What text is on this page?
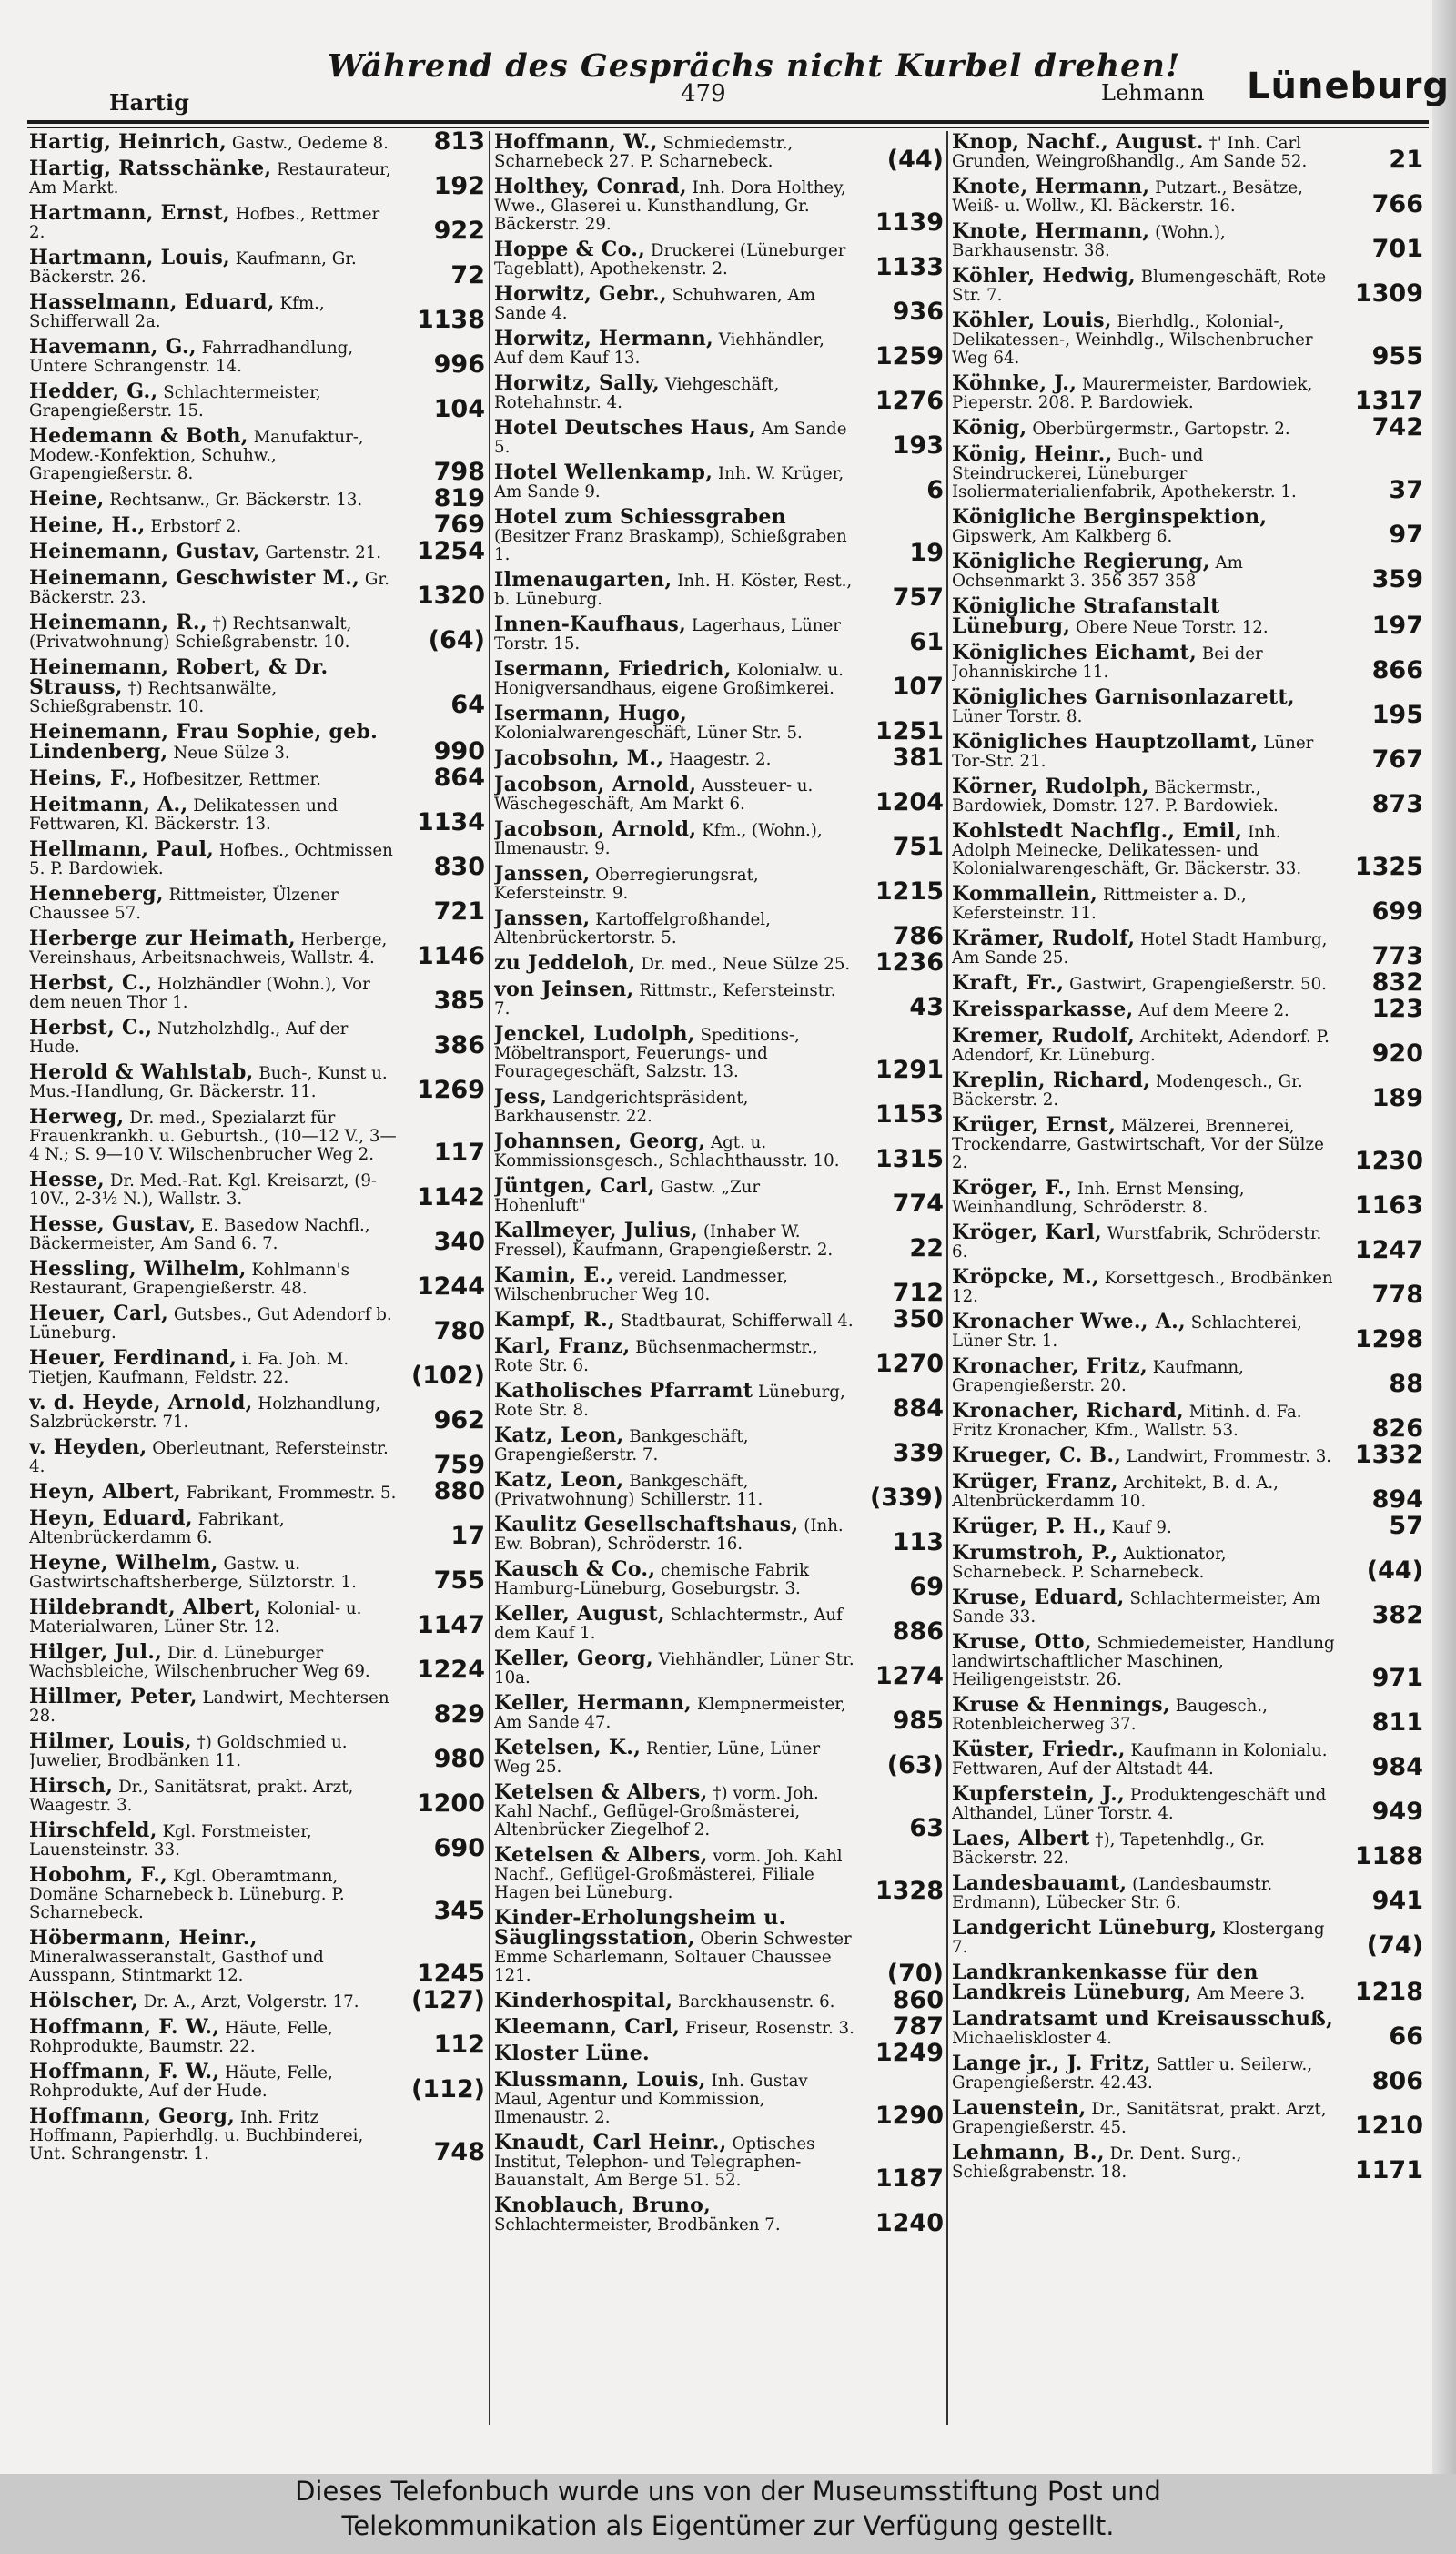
Während des Gesprächs nicht Kurbel drehen!
Hartig	479	Lehmann Lüneburg
Hartig, Heinrich, Gastw., Oedeme 8. 813
Hartig, Ratsschänke, Restaurateur, Am Markt.	192
Hartmann, Ernst, Hofbes., Rettmer 2.	922
Hartmann, Louis, Kaufmann, Gr. Bäckerstr. 26.	72
Hasselmann, Eduard, Kfm., Schifferwall 2a.	1138
Havemann, G., Fahrradhandlung, Untere Schrangenstr. 14.	996
Hedder, G., Schlachtermeister, Grapengießerstr. 15.	104
Hedemann & Both, Manufaktur-, Modew.-Konfektion, Schuhw., Grapengießerstr. 8.	798
Heine, Rechtsanw., Gr. Bäckerstr. 13.	819
Heine, H., Erbstorf 2.	769
Heinemann, Gustav, Gartenstr. 21. 1254
Heinemann, Geschwister M., Gr. Bäckerstr. 23.	1320
Heinemann, R., †) Rechtsanwalt, (Privatwohnung) Schießgrabenstr. 10.	(64)
Heinemann, Robert, & Dr. Strauss, †) Rechtsanwälte, Schießgrabenstr. 10.	64
Heinemann, Frau Sophie, geb. Lindenberg, Neue Sülze 3.	990
Heins, F., Hofbesitzer, Rettmer.	864
Heitmann, A., Delikatessen und Fettwaren, Kl. Bäckerstr. 13.	1134
Hellmann, Paul, Hofbes., Ochtmissen 5. P. Bardowiek.	830
Henneberg, Rittmeister, Ülzener Chaussee 57.	721
Herberge zur Heimath, Herberge, Vereinshaus, Arbeitsnachweis, Wallstr. 4. 1146
Herbst, C., Holzhändler (Wohn.), Vor dem neuen Thor 1.	385
Herbst, C., Nutzholzhdlg., Auf der Hude.	386
Herold & Wahlstab, Buch-, Kunst u. Mus.-Handlung, Gr. Bäckerstr. 11.	1269
Herweg, Dr. med., Spezialarzt für Frauenkrankh. u. Geburtsh., (10—12 V., 3—4 N.; S. 9—10 V. Wilschenbrucher Weg 2. 117
Hesse, Dr. Med.-Rat. Kgl. Kreisarzt, (9-10V., 2-3½ N.), Wallstr. 3.	1142
Hesse, Gustav, E. Basedow Nachfl., Bäckermeister, Am Sand 6. 7.	340
Hessling, Wilhelm, Kohlmann's Restaurant, Grapengießerstr. 48.	1244
Heuer, Carl, Gutsbes., Gut Adendorf b. Lüneburg.	780
Heuer, Ferdinand, i. Fa. Joh. M. Tietjen, Kaufmann, Feldstr. 22.	(102)
v. d. Heyde, Arnold, Holzhandlung, Salzbrückerstr. 71.	962
v. Heyden, Oberleutnant, Refersteinstr. 4.	759
Heyn, Albert, Fabrikant, Frommestr. 5. 880
Heyn, Eduard, Fabrikant, Altenbrückerdamm 6.	17
Heyne, Wilhelm, Gastw. u. Gastwirtschaftsherberge, Sülztorstr. 1.	755
Hildebrandt, Albert, Kolonial- u. Materialwaren, Lüner Str. 12.	1147
Hilger, Jul., Dir. d. Lüneburger Wachsbleiche, Wilschenbrucher Weg 69. 1224
Hillmer, Peter, Landwirt, Mechtersen 28.	829
Hilmer, Louis, †) Goldschmied u. Juwelier, Brodbänken 11.	980
Hirsch, Dr., Sanitätsrat, prakt. Arzt, Waagestr. 3.	1200
Hirschfeld, Kgl. Forstmeister, Lauensteinstr. 33.	690
Hobohm, F., Kgl. Oberamtmann, Domäne Scharnebeck b. Lüneburg. P. Scharnebeck.	345
Höbermann, Heinr., Mineralwasseranstalt, Gasthof und Ausspann, Stintmarkt 12.	1245
Hölscher, Dr. A., Arzt, Volgerstr. 17. (127)
Hoffmann, F. W., Häute, Felle, Rohprodukte, Baumstr. 22.	112
Hoffmann, F. W., Häute, Felle, Rohprodukte, Auf der Hude.	(112)
Hoffmann, Georg, Inh. Fritz Hoffmann, Papierhdlg. u. Buchbinderei, Unt. Schrangenstr. 1.	748
Hoffmann, W., Schmiedemstr., Scharnebeck 27. P. Scharnebeck.	(44)
Holthey, Conrad, Inh. Dora Holthey, Wwe., Glaserei u. Kunsthandlung, Gr. Bäckerstr. 29.	1139
Hoppe & Co., Druckerei (Lüneburger Tageblatt), Apothekenstr. 2.	1133
Horwitz, Gebr., Schuhwaren, Am Sande 4.	936
Horwitz, Hermann, Viehhändler, Auf dem Kauf 13.	1259
Horwitz, Sally, Viehgeschäft, Rotehahnstr. 4.	1276
Hotel Deutsches Haus, Am Sande 5.	193
Hotel Wellenkamp, Inh. W. Krüger, Am Sande 9.	6
Hotel zum Schiessgraben (Besitzer Franz Braskamp), Schießgraben 1.	19
Ilmenaugarten, Inh. H. Köster, Rest., b. Lüneburg.	757
Innen-Kaufhaus, Lagerhaus, Lüner Torstr. 15.	61
Isermann, Friedrich, Kolonialw. u. Honigversandhaus, eigene Großimkerei. 107
Isermann, Hugo, Kolonialwarengeschäft, Lüner Str. 5.	1251
Jacobsohn, M., Haagestr. 2.	381
Jacobson, Arnold, Aussteuer- u. Wäschegeschäft, Am Markt 6.	1204
Jacobson, Arnold, Kfm., (Wohn.), Ilmenaustr. 9.	751
Janssen, Oberregierungsrat, Kefersteinstr. 9.	1215
Janssen, Kartoffelgroßhandel, Altenbrückertorstr. 5.	786
zu Jeddeloh, Dr. med., Neue Sülze 25. 1236
von Jeinsen, Rittmstr., Kefersteinstr. 7.	43
Jenckel, Ludolph, Speditions-, Möbeltransport, Feuerungs- und Fouragegeschäft, Salzstr. 13.	1291
Jess, Landgerichtspräsident, Barkhausenstr. 22.	1153
Johannsen, Georg, Agt. u. Kommissionsgesch., Schlachthausstr. 10. 1315
Jüntgen, Carl, Gastw. „Zur Hohenluft"	774
Kallmeyer, Julius, (Inhaber W. Fressel), Kaufmann, Grapengießerstr. 2.	22
Kamin, E., vereid. Landmesser, Wilschenbrucher Weg 10.	712
Kampf, R., Stadtbaurat, Schifferwall 4. 350
Karl, Franz, Büchsenmachermstr., Rote Str. 6.	1270
Katholisches Pfarramt Lüneburg, Rote Str. 8.	884
Katz, Leon, Bankgeschäft, Grapengießerstr. 7.	339
Katz, Leon, Bankgeschäft, (Privatwohnung) Schillerstr. 11.	(339)
Kaulitz Gesellschaftshaus, (Inh. Ew. Bobran), Schröderstr. 16.	113
Kausch & Co., chemische Fabrik Hamburg-Lüneburg, Goseburgstr. 3.	69
Keller, August, Schlachtermstr., Auf dem Kauf 1.	886
Keller, Georg, Viehhändler, Lüner Str. 10a.	1274
Keller, Hermann, Klempnermeister, Am Sande 47.	985
Ketelsen, K., Rentier, Lüne, Lüner Weg 25.	(63)
Ketelsen & Albers, †) vorm. Joh. Kahl Nachf., Geflügel-Großmästerei, Altenbrücker Ziegelhof 2.	63
Ketelsen & Albers, vorm. Joh. Kahl Nachf., Geflügel-Großmästerei, Filiale Hagen bei Lüneburg.	1328
Kinder-Erholungsheim u. Säuglingsstation, Oberin Schwester Emme Scharlemann, Soltauer Chaussee 121.	(70)
Kinderhospital, Barckhausenstr. 6. 860
Kleemann, Carl, Friseur, Rosenstr. 3. 787
Kloster Lüne.	1249
Klussmann, Louis, Inh. Gustav Maul, Agentur und Kommission, Ilmenaustr. 2.	1290
Knaudt, Carl Heinr., Optisches Institut, Telephon- und Telegraphen-Bauanstalt, Am Berge 51. 52.	1187
Knoblauch, Bruno, Schlachtermeister, Brodbänken 7.	1240
Knop, Nachf., August. †' Inh. Carl Grunden, Weingroßhandlg., Am Sande 52.	21
Knote, Hermann, Putzart., Besätze, Weiß- u. Wollw., Kl. Bäckerstr. 16.	766
Knote, Hermann, (Wohn.), Barkhausenstr. 38.	701
Köhler, Hedwig, Blumengeschäft, Rote Str. 7.	1309
Köhler, Louis, Bierhdlg., Kolonial-, Delikatessen-, Weinhdlg., Wilschenbrucher Weg 64.	955
Köhnke, J., Maurermeister, Bardowiek, Pieperstr. 208. P. Bardowiek.	1317
König, Oberbürgermstr., Gartopstr. 2.	742
König, Heinr., Buch- und Steindruckerei, Lüneburger Isoliermaterialienfabrik, Apothekerstr. 1.	37
Königliche Berginspektion, Gipswerk, Am Kalkberg 6.	97
Königliche Regierung, Am Ochsenmarkt 3. 356 357 358	359
Königliche Strafanstalt Lüneburg, Obere Neue Torstr. 12.	197
Königliches Eichamt, Bei der Johanniskirche 11.	866
Königliches Garnisonlazarett, Lüner Torstr. 8.	195
Königliches Hauptzollamt, Lüner Tor-Str. 21.	767
Körner, Rudolph, Bäckermstr., Bardowiek, Domstr. 127. P. Bardowiek.	873
Kohlstedt Nachflg., Emil, Inh. Adolph Meinecke, Delikatessen- und Kolonialwarengeschäft, Gr. Bäckerstr. 33. 1325
Kommallein, Rittmeister a. D., Kefersteinstr. 11.	699
Krämer, Rudolf, Hotel Stadt Hamburg, Am Sande 25.	773
Kraft, Fr., Gastwirt, Grapengießerstr. 50. 832
Kreissparkasse, Auf dem Meere 2.	123
Kremer, Rudolf, Architekt, Adendorf. P. Adendorf, Kr. Lüneburg.	920
Kreplin, Richard, Modengesch., Gr. Bäckerstr. 2.	189
Krüger, Ernst, Mälzerei, Brennerei, Trockendarre, Gastwirtschaft, Vor der Sülze 2.	1230
Kröger, F., Inh. Ernst Mensing, Weinhandlung, Schröderstr. 8.	1163
Kröger, Karl, Wurstfabrik, Schröderstr. 6.	1247
Kröpcke, M., Korsettgesch., Brodbänken 12.	778
Kronacher Wwe., A., Schlachterei, Lüner Str. 1.	1298
Kronacher, Fritz, Kaufmann, Grapengießerstr. 20.	88
Kronacher, Richard, Mitinh. d. Fa. Fritz Kronacher, Kfm., Wallstr. 53.	826
Krueger, C. B., Landwirt, Frommestr. 3. 1332
Krüger, Franz, Architekt, B. d. A., Altenbrückerdamm 10.	894
Krüger, P. H., Kauf 9.	57
Krumstroh, P., Auktionator, Scharnebeck. P. Scharnebeck.	(44)
Kruse, Eduard, Schlachtermeister, Am Sande 33.	382
Kruse, Otto, Schmiedemeister, Handlung landwirtschaftlicher Maschinen, Heiligengeiststr. 26.	971
Kruse & Hennings, Baugesch., Rotenbleicherweg 37.	811
Küster, Friedr., Kaufmann in Kolonialu. Fettwaren, Auf der Altstadt 44.	984
Kupferstein, J., Produktengeschäft und Althandel, Lüner Torstr. 4.	949
Laes, Albert †), Tapetenhdlg., Gr. Bäckerstr. 22.	1188
Landesbauamt, (Landesbaumstr. Erdmann), Lübecker Str. 6.	941
Landgericht Lüneburg, Klostergang 7.	(74)
Landkrankenkasse für den Landkreis Lüneburg, Am Meere 3. 1218
Landratsamt und Kreisausschuß, Michaeliskloster 4.	66
Lange jr., J. Fritz, Sattler u. Seilerw., Grapengießerstr. 42.43.	806
Lauenstein, Dr., Sanitätsrat, prakt. Arzt, Grapengießerstr. 45.	1210
Lehmann, B., Dr. Dent. Surg., Schießgrabenstr. 18.	1171
Dieses Telefonbuch wurde uns von der Museumsstiftung Post und
Telekommunikation als Eigentümer zur Verfügung gestellt.
